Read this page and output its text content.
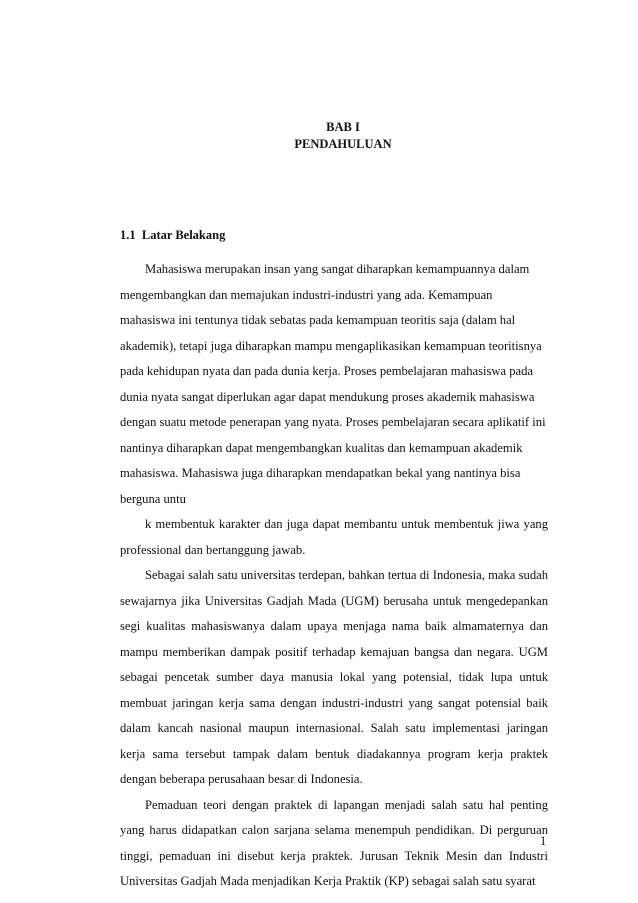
BAB I
PENDAHULUAN
1.1  Latar Belakang

Mahasiswa merupakan insan yang sangat diharapkan kemampuannya dalam mengembangkan dan memajukan industri-industri yang ada. Kemampuan mahasiswa ini tentunya tidak sebatas pada kemampuan teoritis saja (dalam hal akademik), tetapi juga diharapkan mampu mengaplikasikan kemampuan teoritisnya pada kehidupan nyata dan pada dunia kerja. Proses pembelajaran mahasiswa pada dunia nyata sangat diperlukan agar dapat mendukung proses akademik mahasiswa dengan suatu metode penerapan yang nyata. Proses pembelajaran secara aplikatif ini nantinya diharapkan dapat mengembangkan kualitas dan kemampuan akademik mahasiswa. Mahasiswa juga diharapkan mendapatkan bekal yang nantinya bisa berguna untu

k membentuk karakter dan juga dapat membantu untuk membentuk jiwa yang professional dan bertanggung jawab.

Sebagai salah satu universitas terdepan, bahkan tertua di Indonesia, maka sudah sewajarnya jika Universitas Gadjah Mada (UGM) berusaha untuk mengedepankan segi kualitas mahasiswanya dalam upaya menjaga nama baik almamaternya dan mampu memberikan dampak positif terhadap kemajuan bangsa dan negara. UGM sebagai pencetak sumber daya manusia lokal yang potensial, tidak lupa untuk membuat jaringan kerja sama dengan industri-industri yang sangat potensial baik dalam kancah nasional maupun internasional. Salah satu implementasi jaringan kerja sama tersebut tampak dalam bentuk diadakannya program kerja praktek dengan beberapa perusahaan besar di Indonesia.

Pemaduan teori dengan praktek di lapangan menjadi salah satu hal penting yang harus didapatkan calon sarjana selama menempuh pendidikan. Di perguruan tinggi, pemaduan ini disebut kerja praktek. Jurusan Teknik Mesin dan Industri Universitas Gadjah Mada menjadikan Kerja Praktik (KP) sebagai salah satu syarat

1
